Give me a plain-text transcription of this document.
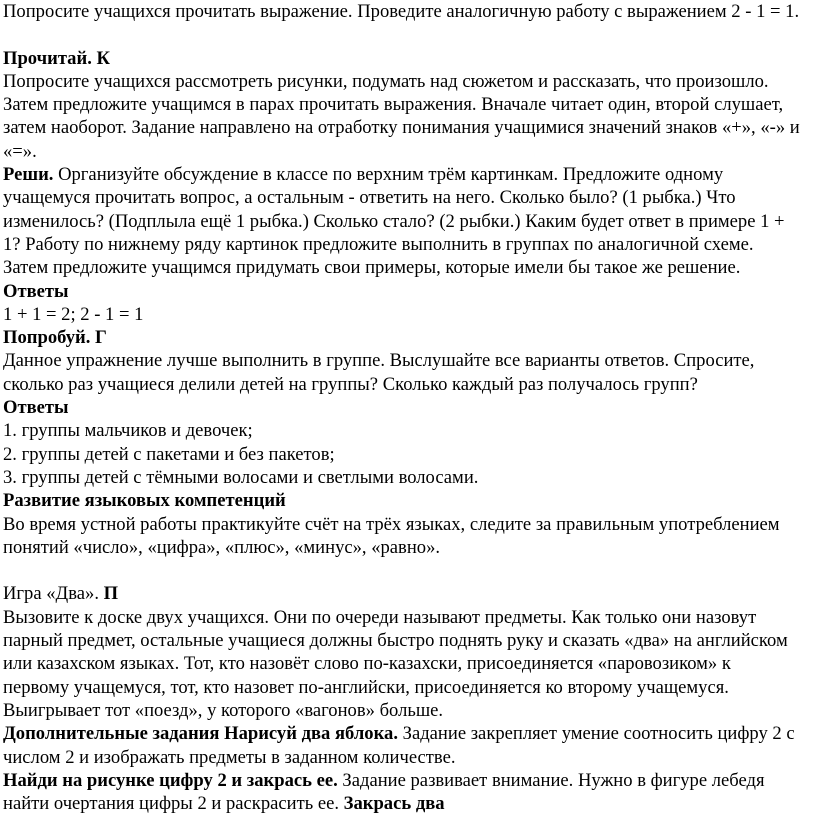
Попросите учащихся прочитать выражение. Проведите аналогичную работу с выражением 2 - 1 = 1.

Прочитай. К

Попросите учащихся рассмотреть рисунки, подумать над сюжетом и рассказать, что произошло. Затем предложите учащимся в парах прочитать выражения. Вначале читает один, второй слушает, затем наоборот. Задание направлено на отработку понимания учащимися значений знаков «+», «-» и «=».

Реши. Организуйте обсуждение в классе по верхним трём картинкам. Предложите одному учащемуся прочитать вопрос, а остальным - ответить на него. Сколько было? (1 рыбка.) Что изменилось? (Подплыла ещё 1 рыбка.) Сколько стало? (2 рыбки.) Каким будет ответ в примере 1 + 1? Работу по нижнему ряду картинок предложите выполнить в группах по аналогичной схеме. Затем предложите учащимся придумать свои примеры, которые имели бы такое же решение.

Ответы

1 + 1 = 2; 2 - 1 = 1

Попробуй. Г

Данное упражнение лучше выполнить в группе. Выслушайте все варианты ответов. Спросите, сколько раз учащиеся делили детей на группы? Сколько каждый раз получалось групп?

Ответы

1. группы мальчиков и девочек;

2. группы детей с пакетами и без пакетов;

3. группы детей с тёмными волосами и светлыми волосами.

Развитие языковых компетенций

Во время устной работы практикуйте счёт на трёх языках, следите за правильным употреблением понятий «число», «цифра», «плюс», «минус», «равно».

Игра «Два». П

Вызовите к доске двух учащихся. Они по очереди называют предметы. Как только они назовут парный предмет, остальные учащиеся должны быстро поднять руку и сказать «два» на английском или казахском языках. Тот, кто назовёт слово по-казахски, присоединяется «паровозиком» к первому учащемуся, тот, кто назовет по-английски, присоединяется ко второму учащемуся. Выигрывает тот «поезд», у которого «вагонов» больше.

Дополнительные задания Нарисуй два яблока. Задание закрепляет умение соотносить цифру 2 с числом 2 и изображать предметы в заданном количестве.

Найди на рисунке цифру 2 и закрась ее. Задание развивает внимание. Нужно в фигуре лебедя найти очертания цифры 2 и раскрасить ее. Закрась два
